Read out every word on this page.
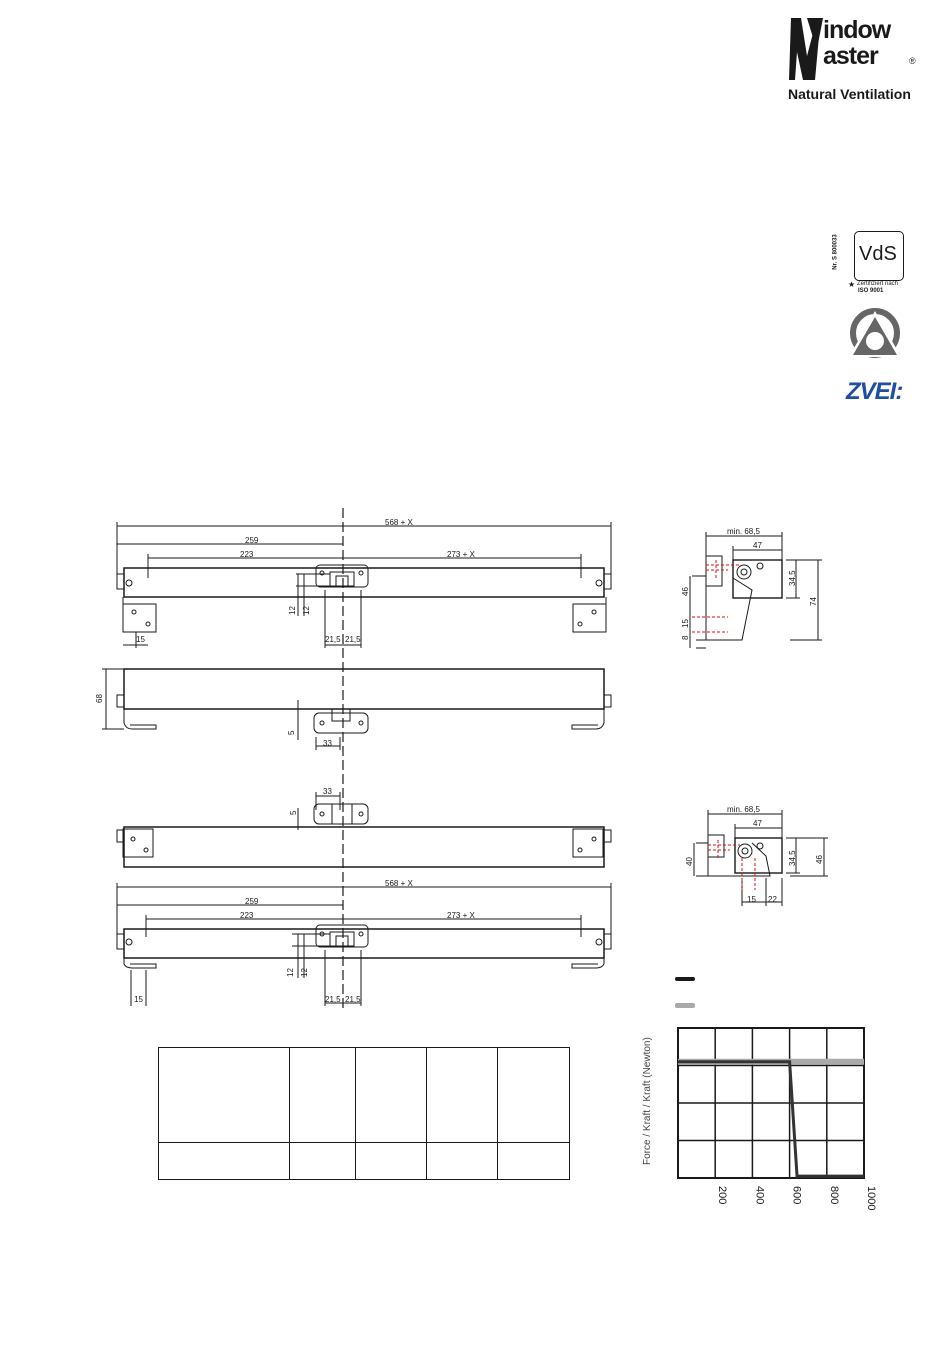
indow
aster	®
Natural Ventilation
VdS
Nr. S 800033
★ Zertifiziert nach
ISO 9001
ZVEI:
568 + X
259
223	273 + X
15
12 12
21,5 21,5
68
5
33
33
5
568 + X
259
223	273 + X
15
12 12
21,5 21,5
min. 68,5
47
46
34,5
74
8
15
min. 68,5
47
40	34,5 46
15 22

200 400 600 800 1000
Force / Kraft / Kraft (Newton)
